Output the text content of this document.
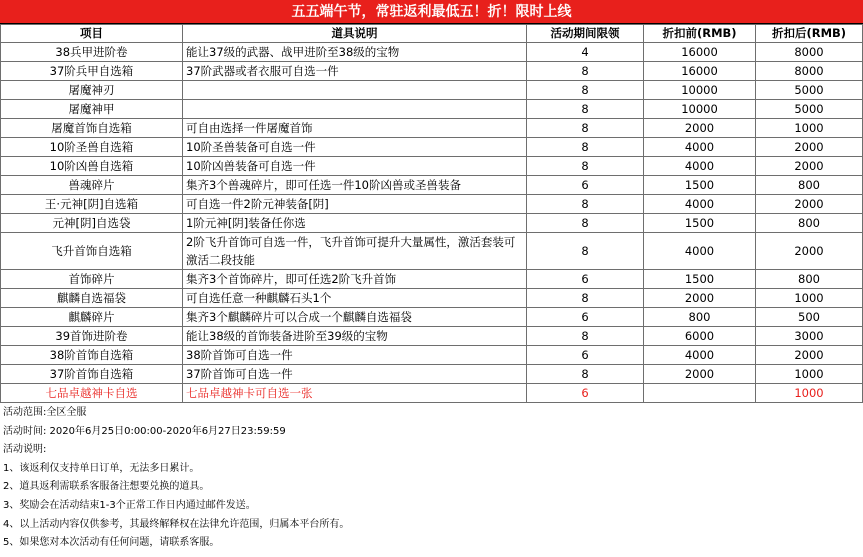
五五端午节，常驻返利最低五！折！限时上线
项目	道具说明	活动期间限领	折扣前(RMB)	折扣后(RMB)
38兵甲进阶卷	能让37级的武器、战甲进阶至38级的宝物	4	16000	8000
37阶兵甲自选箱	37阶武器或者衣服可自选一件	8	16000	8000
屠魔神刃		8	10000	5000
屠魔神甲		8	10000	5000
屠魔首饰自选箱	可自由选择一件屠魔首饰	8	2000	1000
10阶圣兽自选箱	10阶圣兽装备可自选一件	8	4000	2000
10阶凶兽自选箱	10阶凶兽装备可自选一件	8	4000	2000
兽魂碎片	集齐3个兽魂碎片，即可任选一件10阶凶兽或圣兽装备	6	1500	800
王·元神[阴]自选箱	可自选一件2阶元神装备[阴]	8	4000	2000
元神[阴]自选袋	1阶元神[阴]装备任你选	8	1500	800
飞升首饰自选箱	2阶飞升首饰可自选一件，飞升首饰可提升大量属性，激活套装可激活二段技能	8	4000	2000
首饰碎片	集齐3个首饰碎片，即可任选2阶飞升首饰	6	1500	800
麒麟自选福袋	可自选任意一种麒麟石头1个	8	2000	1000
麒麟碎片	集齐3个麒麟碎片可以合成一个麒麟自选福袋	6	800	500
39首饰进阶卷	能让38级的首饰装备进阶至39级的宝物	8	6000	3000
38阶首饰自选箱	38阶首饰可自选一件	6	4000	2000
37阶首饰自选箱	37阶首饰可自选一件	8	2000	1000
七品卓越神卡自选	七品卓越神卡可自选一张	6		1000
活动范围:全区全服
活动时间: 2020年6月25日0:00:00-2020年6月27日23:59:59
活动说明:
1、该返利仅支持单日订单，无法多日累计。
2、道具返利需联系客服备注想要兑换的道具。
3、奖励会在活动结束1-3个正常工作日内通过邮件发送。
4、以上活动内容仅供参考，其最终解释权在法律允许范围，归属本平台所有。
5、如果您对本次活动有任何问题，请联系客服。
